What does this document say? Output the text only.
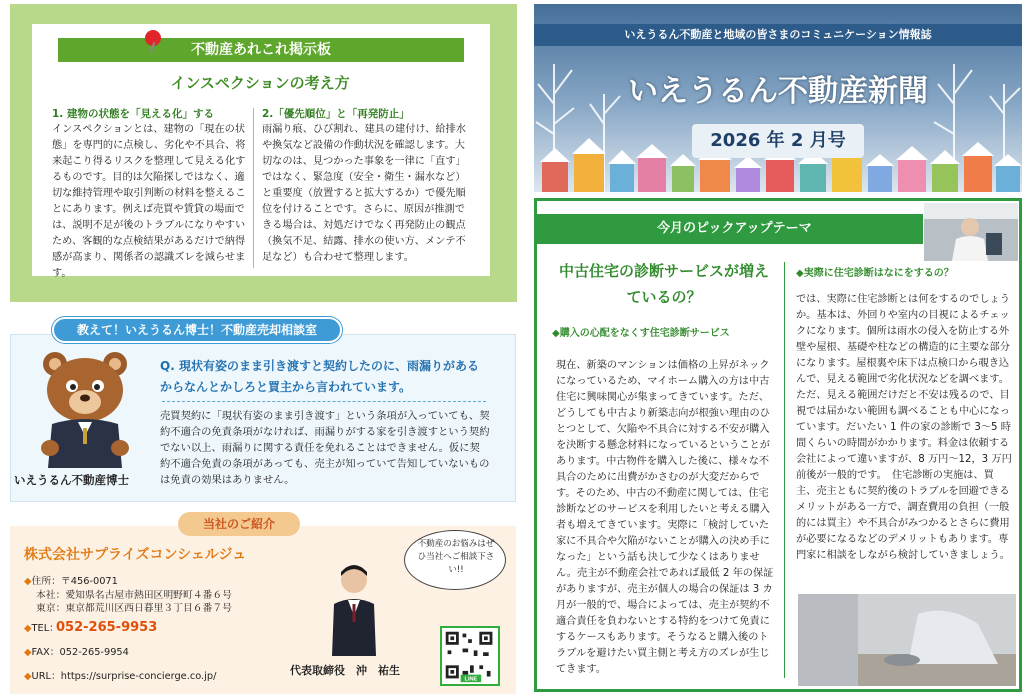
不動産あれこれ掲示板
インスペクションの考え方
1. 建物の状態を「見える化」する
インスペクションとは、建物の「現在の状態」を専門的に点検し、劣化や不具合、将来起こり得るリスクを整理して見える化するものです。目的は欠陥探しではなく、適切な維持管理や取引判断の材料を整えることにあります。例えば売買や賃貸の場面では、説明不足が後のトラブルになりやすいため、客観的な点検結果があるだけで納得感が高まり、関係者の認識ズレを減らせます。
2.「優先順位」と「再発防止」
雨漏り痕、ひび割れ、建具の建付け、給排水や換気など設備の作動状況を確認します。大切なのは、見つかった事象を一律に「直す」ではなく、緊急度（安全・衛生・漏水など）と重要度（放置すると拡大するか）で優先順位を付けることです。さらに、原因が推測できる場合は、対処だけでなく再発防止の観点（換気不足、結露、排水の使い方、メンテ不足など）も合わせて整理します。
教えて！いえうるん博士！不動産売却相談室
いえうるん不動産博士
Q. 現状有姿のまま引き渡すと契約したのに、雨漏りがあるからなんとかしろと買主から言われています。
売買契約に「現状有姿のまま引き渡す」という条項が入っていても、契約不適合の免責条項がなければ、雨漏りがする家を引き渡すという契約でない以上、雨漏りに関する責任を免れることはできません。仮に契約不適合免責の条項があっても、売主が知っていて告知していないものは免責の効果はありません。
当社のご紹介
株式会社サプライズコンシェルジュ
◆住所：〒456-0071
本社：愛知県名古屋市熱田区明野町４番６号
東京：東京都荒川区西日暮里３丁目６番７号
◆TEL：
052-265-9953
◆FAX：052-265-9954
◆URL：https://surprise-concierge.co.jp/
不動産のお悩みはぜひ当社へご相談下さい!!
代表取締役　沖　祐生
LINE
いえうるん不動産と地域の皆さまのコミュニケーション情報誌
いえうるん不動産新聞
2026 年 2 月号
今月のピックアップテーマ
中古住宅の診断サービスが増えているの？
◆購入の心配をなくす住宅診断サービス
現在、新築のマンションは価格の上昇がネックになっているため、マイホーム購入の方は中古住宅に興味関心が集まってきています。ただ、どうしても中古より新築志向が根強い理由のひとつとして、欠陥や不具合に対する不安が購入を決断する懸念材料になっているということがあります。中古物件を購入した後に、様々な不具合のために出費がかさむのが大変だからです。そのため、中古の不動産に関しては、住宅診断などのサービスを利用したいと考える購入者も増えてきています。実際に「検討していた家に不具合や欠陥がないことが購入の決め手になった」という話も決して少なくはありません。売主が不動産会社であれば最低 2 年の保証がありますが、売主が個人の場合の保証は 3 カ月が一般的で、場合によっては、売主が契約不適合責任を負わないとする特約をつけて免責にするケースもあります。そうなると購入後のトラブルを避けたい買主側と考え方のズレが生じてきます。
◆実際に住宅診断はなにをするの？
では、実際に住宅診断とは何をするのでしょうか。基本は、外回りや室内の目視によるチェックになります。個所は雨水の侵入を防止する外壁や屋根、基礎や柱などの構造的に主要な部分になります。屋根裏や床下は点検口から覗き込んで、見える範囲で劣化状況などを調べます。ただ、見える範囲だけだと不安は残るので、目視では届かない範囲も調べることも中心になっています。だいたい 1 件の家の診断で 3～5 時間くらいの時間がかかります。料金は依頼する会社によって違いますが、8 万円～12，3 万円前後が一般的です。　住宅診断の実施は、買主、売主ともに契約後のトラブルを回避できるメリットがある一方で、調査費用の負担（一般的には買主）や不具合がみつかるとさらに費用が必要になるなどのデメリットもあります。専門家に相談をしながら検討していきましょう。
